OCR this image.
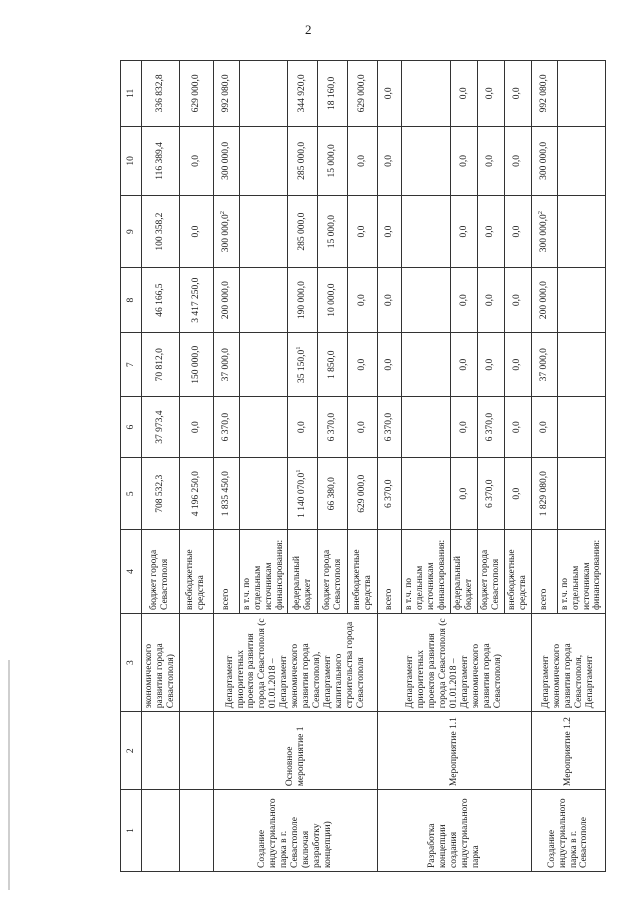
2
1	2	3	4	5	6	7	8	9	10	11
		экономического развития города Севастополя)	бюджет города Севастополя	708 532,3	37 973,4	70 812,0	46 166,5	100 358,2	116 389,4	336 832,8
			внебюджетные средства	4 196 250,0	0,0	150 000,0	3 417 250,0	0,0	0,0	629 000,0
Создание индустриального парка в г. Севастополе (включая разработку концепции)	Основное мероприятие 1	Департамент приоритетных проектов развития города Севастополя (с 01.01.2018 – Департамент экономического развития города Севастополя), Департамент капитального строительства города Севастополя	всего	1 835 450,0	6 370,0	37 000,0	200 000,0	300 000,0$^2$	300 000,0	992 080,0
			в т.ч. по отдельным источникам финансирования:							
			федеральный бюджет	1 140 070,0$^1$	0,0	35 150,0$^1$	190 000,0	285 000,0	285 000,0	344 920,0
			бюджет города Севастополя	66 380,0	6 370,0	1 850,0	10 000,0	15 000,0	15 000,0	18 160,0
			внебюджетные средства	629 000,0	0,0	0,0	0,0	0,0	0,0	629 000,0
Разработка концепции создания индустриального парка	Мероприятие 1.1	Департамент приоритетных проектов развития города Севастополя (с 01.01.2018 – Департамент экономического развития города Севастополя)	всего	6 370,0	6 370,0	0,0	0,0	0,0	0,0	0,0
			в т.ч. по отдельным источникам финансирования:							
			федеральный бюджет	0,0	0,0	0,0	0,0	0,0	0,0	0,0
			бюджет города Севастополя	6 370,0	6 370,0	0,0	0,0	0,0	0,0	0,0
			внебюджетные средства	0,0	0,0	0,0	0,0	0,0	0,0	0,0
Создание индустриального парка в г. Севастополе	Мероприятие 1.2	Департамент экономического развития города Севастополя, Департамент	всего	1 829 080,0	0,0	37 000,0	200 000,0	300 000,0$^2$	300 000,0	992 080,0
			в т.ч. по отдельным источникам финансирования:							
